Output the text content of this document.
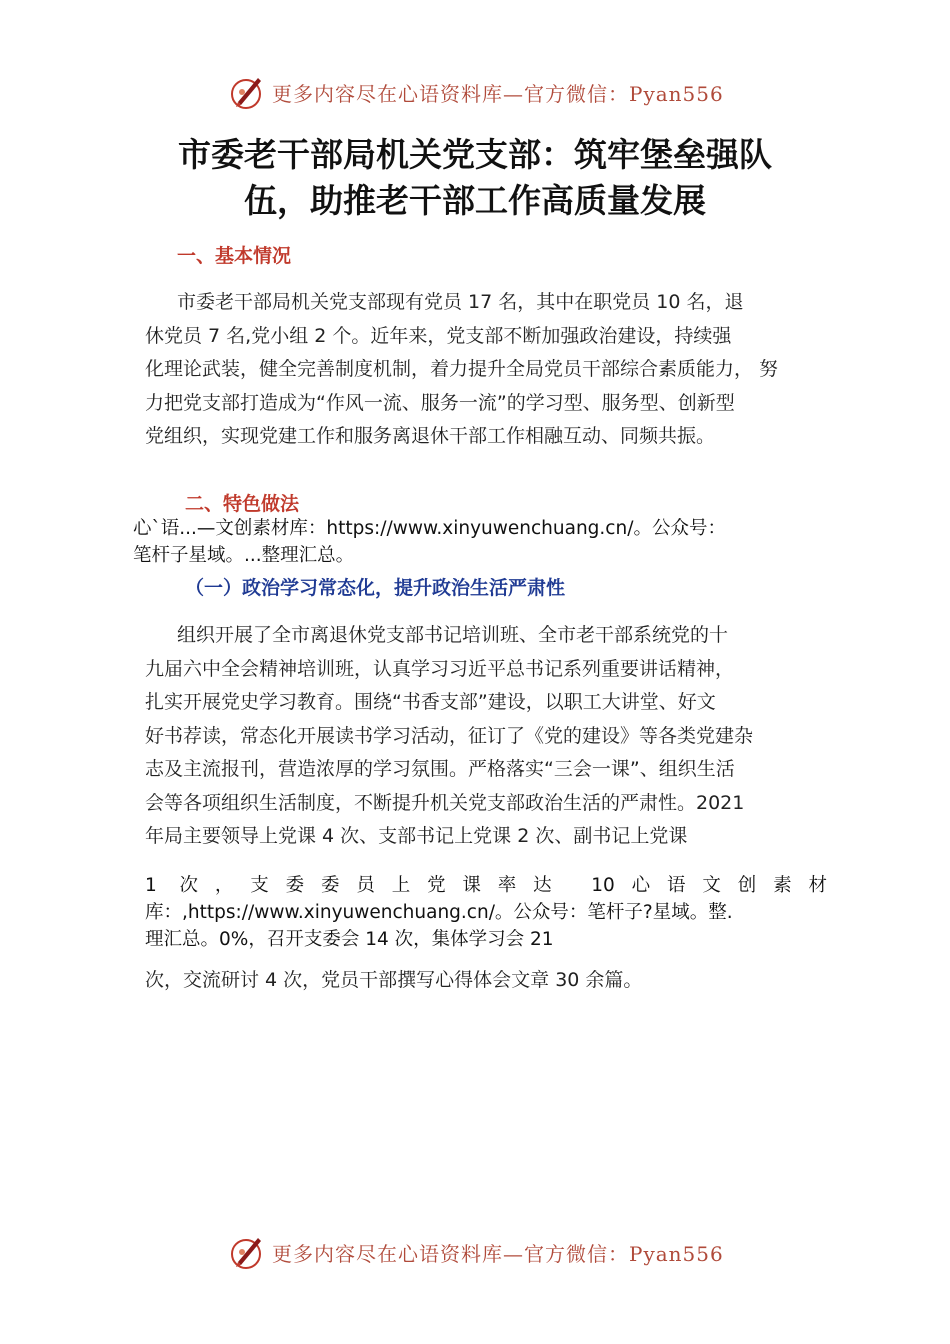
更多内容尽在心语资料库—官方微信：Pyan556
市委老干部局机关党支部：筑牢堡垒强队
伍，助推老干部工作高质量发展
一、基本情况
市委老干部局机关党支部现有党员 17 名，其中在职党员 10 名，退
休党员 7 名,党小组 2 个。近年来，党支部不断加强政治建设，持续强
化理论武装，健全完善制度机制，着力提升全局党员干部综合素质能力， 努
力把党支部打造成为“作风一流、服务一流”的学习型、服务型、创新型
党组织，实现党建工作和服务离退休干部工作相融互动、同频共振。
二、特色做法
心`语...—文创素材库：https://www.xinyuwenchuang.cn/。公众号：
笔杆子星域。...整理汇总。
（一）政治学习常态化，提升政治生活严肃性
组织开展了全市离退休党支部书记培训班、全市老干部系统党的十
九届六中全会精神培训班，认真学习习近平总书记系列重要讲话精神，
扎实开展党史学习教育。围绕“书香支部”建设，以职工大讲堂、好文
好书荐读，常态化开展读书学习活动，征订了《党的建设》等各类党建杂
志及主流报刊，营造浓厚的学习氛围。严格落实“三会一课”、组织生活
会等各项组织生活制度，不断提升机关党支部政治生活的严肃性。2021
年局主要领导上党课 4 次、支部书记上党课 2 次、副书记上党课
1 次，支委委员上党课率达 10心语文创素材
库：,https://www.xinyuwenchuang.cn/。公众号：笔杆子?星域。整.
理汇总。0%，召开支委会 14 次，集体学习会 21
次，交流研讨 4 次，党员干部撰写心得体会文章 30 余篇。
更多内容尽在心语资料库—官方微信：Pyan556
